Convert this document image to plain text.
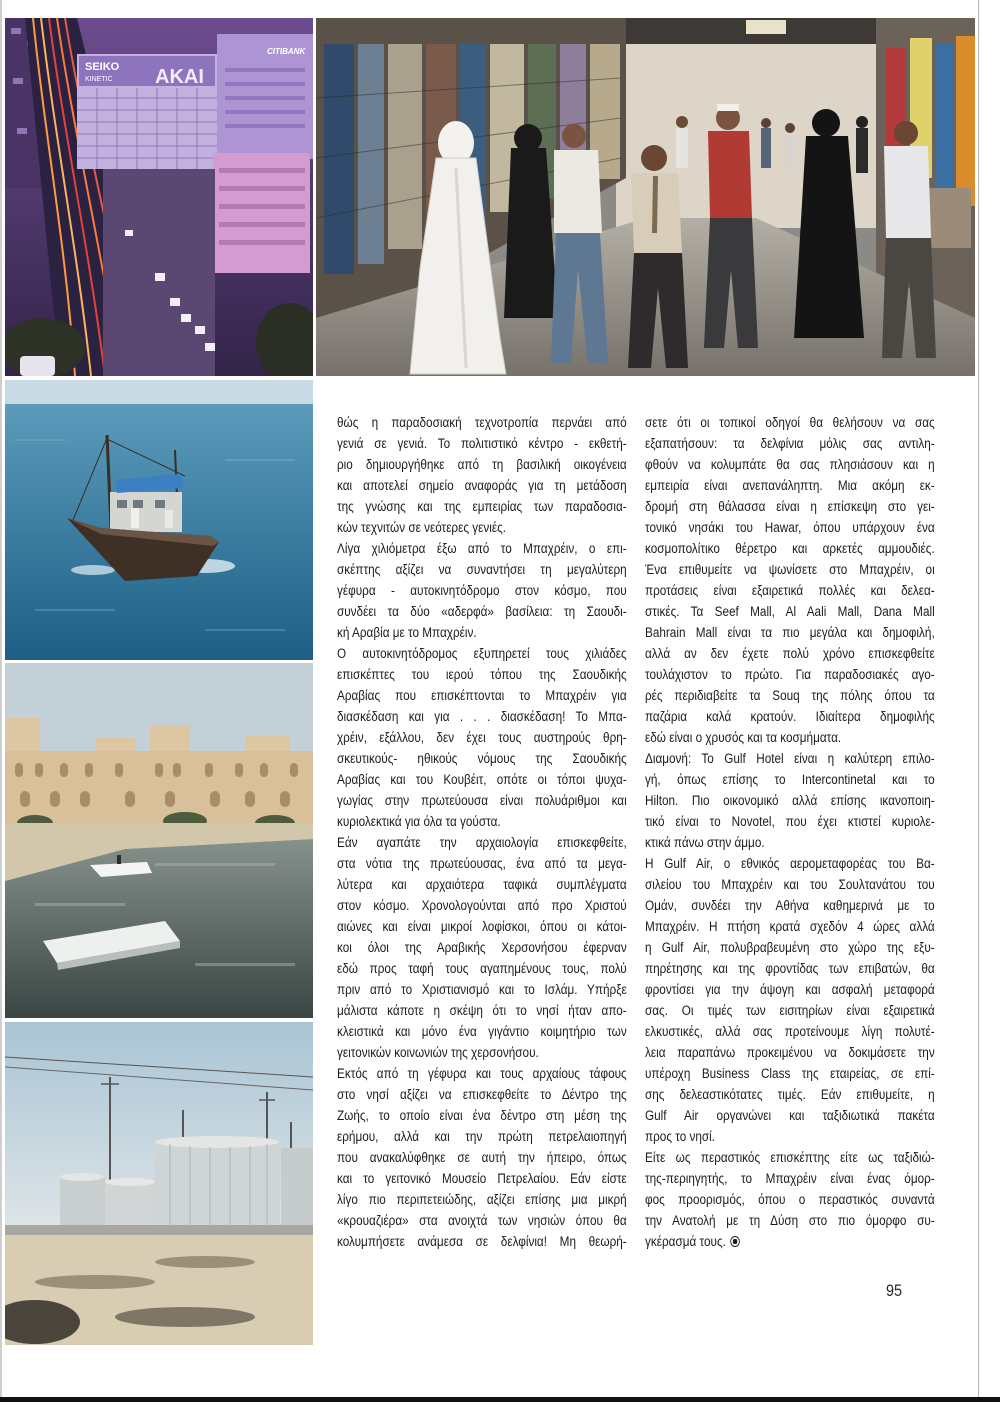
SEIKO
KINETIC AKAI
CITIBANK
θώς η παραδοσιακή τεχνοτροπία περνάει από
γενιά σε γενιά. Το πολιτιστικό κέντρο - εκθετή-
ριο δημιουργήθηκε από τη βασιλική οικογένεια
και αποτελεί σημείο αναφοράς για τη μετάδοση
της γνώσης και της εμπειρίας των παραδοσια-
κών τεχνιτών σε νεότερες γενιές.
Λίγα χιλιόμετρα έξω από το Μπαχρέιν, ο επι-
σκέπτης αξίζει να συναντήσει τη μεγαλύτερη
γέφυρα - αυτοκινητόδρομο στον κόσμο, που
συνδέει τα δύο «αδερφά» βασίλεια: τη Σαουδι-
κή Αραβία με το Μπαχρέιν.
Ο αυτοκινητόδρομος εξυπηρετεί τους χιλιάδες
επισκέπτες του ιερού τόπου της Σαουδικής
Αραβίας που επισκέπτονται το Μπαχρέιν για
διασκέδαση και για . . . διασκέδαση! Το Μπα-
χρέιν, εξάλλου, δεν έχει τους αυστηρούς θρη-
σκευτικούς- ηθικούς νόμους της Σαουδικής
Αραβίας και του Κουβέιτ, οπότε οι τόποι ψυχα-
γωγίας στην πρωτεύουσα είναι πολυάριθμοι και
κυριολεκτικά για όλα τα γούστα.
Εάν αγαπάτε την αρχαιολογία επισκεφθείτε,
στα νότια της πρωτεύουσας, ένα από τα μεγα-
λύτερα και αρχαιότερα ταφικά συμπλέγματα
στον κόσμο. Χρονολογούνται από προ Χριστού
αιώνες και είναι μικροί λοφίσκοι, όπου οι κάτοι-
κοι όλοι της Αραβικής Χερσονήσου έφερναν
εδώ προς ταφή τους αγαπημένους τους, πολύ
πριν από το Χριστιανισμό και το Ισλάμ. Υπήρξε
μάλιστα κάποτε η σκέψη ότι το νησί ήταν απο-
κλειστικά και μόνο ένα γιγάντιο κοιμητήριο των
γειτονικών κοινωνιών της χερσονήσου.
Εκτός από τη γέφυρα και τους αρχαίους τάφους
στο νησί αξίζει να επισκεφθείτε το Δέντρο της
Ζωής, το οποίο είναι ένα δέντρο στη μέση της
ερήμου, αλλά και την πρώτη πετρελαιοπηγή
που ανακαλύφθηκε σε αυτή την ήπειρο, όπως
και το γειτονικό Μουσείο Πετρελαίου. Εάν είστε
λίγο πιο περιπετειώδης, αξίζει επίσης μια μικρή
«κρουαζιέρα» στα ανοιχτά των νησιών όπου θα
κολυμπήσετε ανάμεσα σε δελφίνια! Μη θεωρή-
σετε ότι οι τοπικοί οδηγοί θα θελήσουν να σας
εξαπατήσουν: τα δελφίνια μόλις σας αντιλη-
φθούν να κολυμπάτε θα σας πλησιάσουν και η
εμπειρία είναι ανεπανάληπτη. Μια ακόμη εκ-
δρομή στη θάλασσα είναι η επίσκεψη στο γει-
τονικό νησάκι του Hawar, όπου υπάρχουν ένα
κοσμοπολίτικο θέρετρο και αρκετές αμμουδιές.
Ένα επιθυμείτε να ψωνίσετε στο Μπαχρέιν, οι
προτάσεις είναι εξαιρετικά πολλές και δελεα-
στικές. Τα Seef Mall, Al Aali Mall, Dana Mall
Bahrain Mall είναι τα πιο μεγάλα και δημοφιλή,
αλλά αν δεν έχετε πολύ χρόνο επισκεφθείτε
τουλάχιστον το πρώτο. Για παραδοσιακές αγο-
ρές περιδιαβείτε τα Souq της πόλης όπου τα
παζάρια καλά κρατούν. Ιδιαίτερα δημοφιλής
εδώ είναι ο χρυσός και τα κοσμήματα.
Διαμονή: Το Gulf Hotel είναι η καλύτερη επιλο-
γή, όπως επίσης το Intercontinetal και το
Hilton. Πιο οικονομικό αλλά επίσης ικανοποιη-
τικό είναι το Novotel, που έχει κτιστεί κυριολε-
κτικά πάνω στην άμμο.
Η Gulf Air, ο εθνικός αερομεταφορέας του Βα-
σιλείου του Μπαχρέιν και του Σουλτανάτου του
Ομάν, συνδέει την Αθήνα καθημερινά με το
Μπαχρέιν. Η πτήση κρατά σχεδόν 4 ώρες αλλά
η Gulf Air, πολυβραβευμένη στο χώρο της εξυ-
πηρέτησης και της φροντίδας των επιβατών, θα
φροντίσει για την άψογη και ασφαλή μεταφορά
σας. Οι τιμές των εισιτηρίων είναι εξαιρετικά
ελκυστικές, αλλά σας προτείνουμε λίγη πολυτέ-
λεια παραπάνω προκειμένου να δοκιμάσετε την
υπέροχη Business Class της εταιρείας, σε επί-
σης δελεαστικότατες τιμές. Εάν επιθυμείτε, η
Gulf Air οργανώνει και ταξιδιωτικά πακέτα
προς το νησί.
Είτε ως περαστικός επισκέπτης είτε ως ταξιδιώ-
της-περιηγητής, το Μπαχρέιν είναι ένας όμορ-
φος προορισμός, όπου ο περαστικός συναντά
την Ανατολή με τη Δύση στο πιο όμορφο συ-
γκέρασμά τους.
95
